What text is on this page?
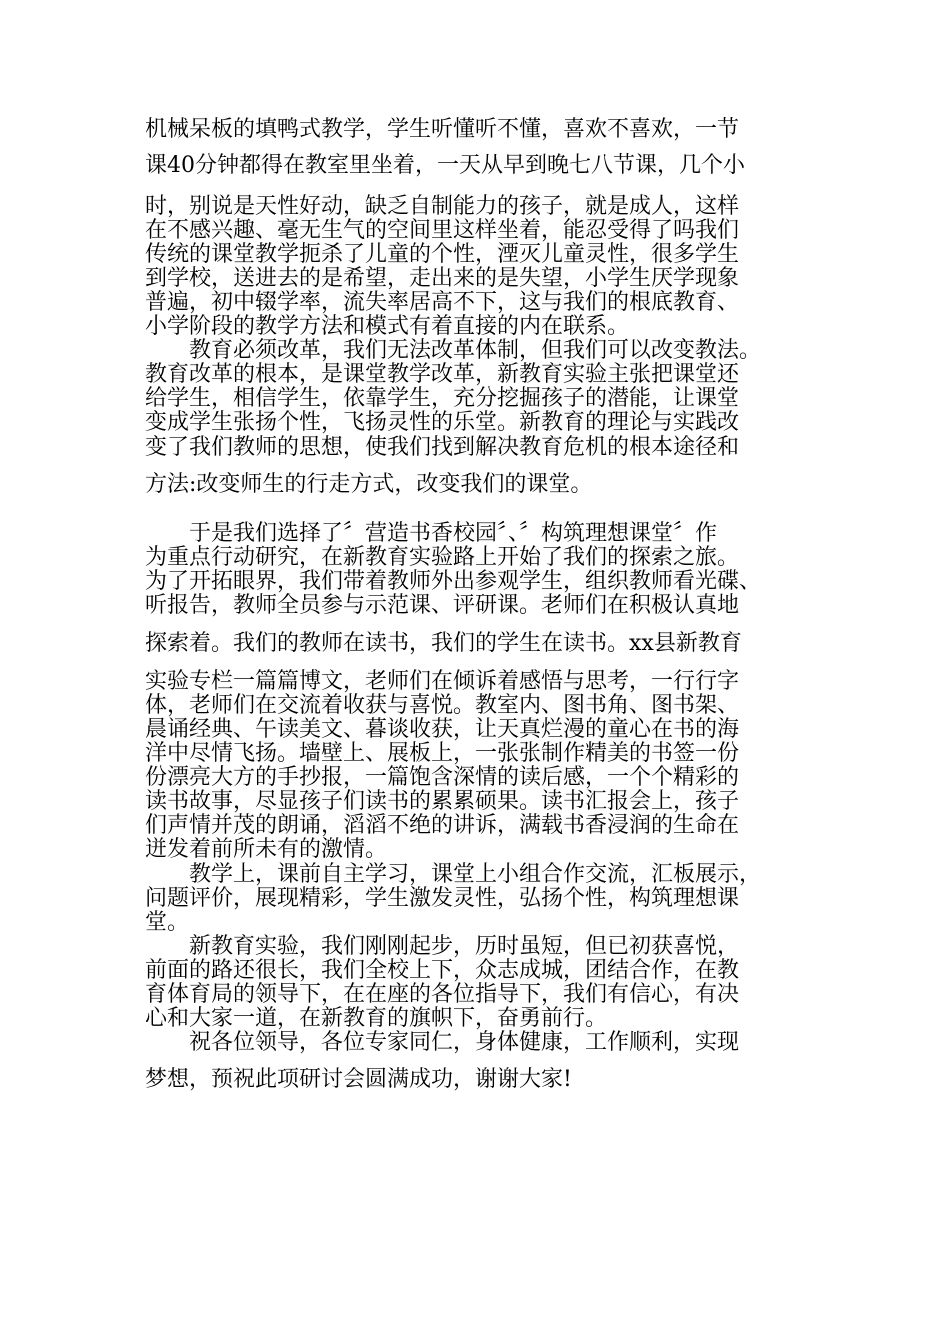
机械呆板的填鸭式教学，学生听懂听不懂，喜欢不喜欢，一节
课40分钟都得在教室里坐着，一天从早到晚七八节课，几个小
时，别说是天性好动，缺乏自制能力的孩子，就是成人，这样
在不感兴趣、毫无生气的空间里这样坐着，能忍受得了吗我们
传统的课堂教学扼杀了儿童的个性，湮灭儿童灵性，很多学生
到学校，送进去的是希望，走出来的是失望，小学生厌学现象
普遍，初中辍学率，流失率居高不下，这与我们的根底教育、
小学阶段的教学方法和模式有着直接的内在联系。
　　教育必须改革，我们无法改革体制，但我们可以改变教法。
教育改革的根本，是课堂教学改革，新教育实验主张把课堂还
给学生，相信学生，依靠学生，充分挖掘孩子的潜能，让课堂
变成学生张扬个性，飞扬灵性的乐堂。新教育的理论与实践改
变了我们教师的思想，使我们找到解决教育危机的根本途径和
方法:改变师生的行走方式，改变我们的课堂。
　　于是我们选择了〞营造书香校园〞、〞构筑理想课堂〞作
为重点行动研究，在新教育实验路上开始了我们的探索之旅。
为了开拓眼界，我们带着教师外出参观学生，组织教师看光碟、
听报告，教师全员参与示范课、评研课。老师们在积极认真地
探索着。我们的教师在读书，我们的学生在读书。xx县新教育
实验专栏一篇篇博文，老师们在倾诉着感悟与思考，一行行字
体，老师们在交流着收获与喜悦。教室内、图书角、图书架、
晨诵经典、午读美文、暮谈收获，让天真烂漫的童心在书的海
洋中尽情飞扬。墙壁上、展板上，一张张制作精美的书签一份
份漂亮大方的手抄报，一篇饱含深情的读后感，一个个精彩的
读书故事，尽显孩子们读书的累累硕果。读书汇报会上，孩子
们声情并茂的朗诵，滔滔不绝的讲诉，满载书香浸润的生命在
迸发着前所未有的激情。
　　教学上，课前自主学习，课堂上小组合作交流，汇板展示，
问题评价，展现精彩，学生激发灵性，弘扬个性，构筑理想课
堂。
　　新教育实验，我们刚刚起步，历时虽短，但已初获喜悦，
前面的路还很长，我们全校上下，众志成城，团结合作，在教
育体育局的领导下，在在座的各位指导下，我们有信心，有决
心和大家一道，在新教育的旗帜下，奋勇前行。
　　祝各位领导，各位专家同仁，身体健康，工作顺利，实现
梦想，预祝此项研讨会圆满成功，谢谢大家!
